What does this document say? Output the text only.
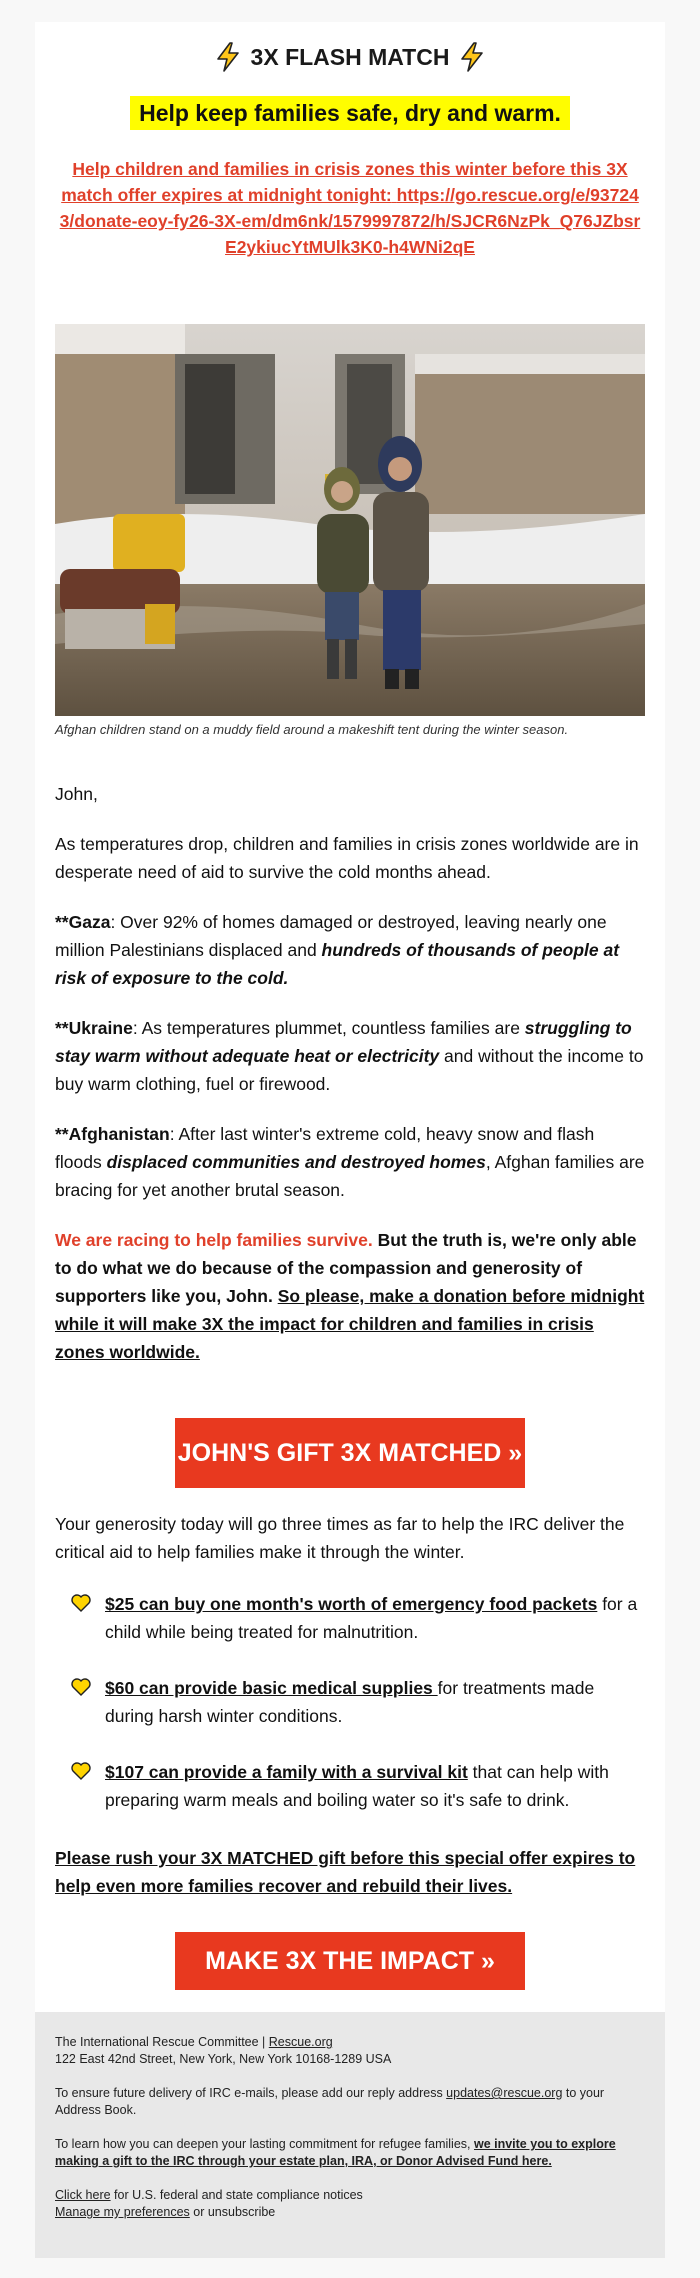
3X FLASH MATCH
Help keep families safe, dry and warm.
Help children and families in crisis zones this winter before this 3X match offer expires at midnight tonight: https://go.rescue.org/e/937243/donate-eoy-fy26-3X-em/dm6nk/1579997872/h/SJCR6NzPk_Q76JZbsrE2ykiucYtMUlk3K0-h4WNi2qE
Afghan children stand on a muddy field around a makeshift tent during the winter season.
John,
As temperatures drop, children and families in crisis zones worldwide are in desperate need of aid to survive the cold months ahead.
**Gaza: Over 92% of homes damaged or destroyed, leaving nearly one million Palestinians displaced and hundreds of thousands of people at risk of exposure to the cold.
**Ukraine: As temperatures plummet, countless families are struggling to stay warm without adequate heat or electricity and without the income to buy warm clothing, fuel or firewood.
**Afghanistan: After last winter's extreme cold, heavy snow and flash floods displaced communities and destroyed homes, Afghan families are bracing for yet another brutal season.
We are racing to help families survive. But the truth is, we're only able to do what we do because of the compassion and generosity of supporters like you, John. So please, make a donation before midnight while it will make 3X the impact for children and families in crisis zones worldwide.
JOHN'S GIFT 3X MATCHED »
Your generosity today will go three times as far to help the IRC deliver the critical aid to help families make it through the winter.
$25 can buy one month's worth of emergency food packets for a child while being treated for malnutrition.
$60 can provide basic medical supplies for treatments made during harsh winter conditions.
$107 can provide a family with a survival kit that can help with preparing warm meals and boiling water so it's safe to drink.
Please rush your 3X MATCHED gift before this special offer expires to help even more families recover and rebuild their lives.
MAKE 3X THE IMPACT »
The International Rescue Committee | Rescue.org
122 East 42nd Street, New York, New York 10168-1289 USA
To ensure future delivery of IRC e-mails, please add our reply address updates@rescue.org to your Address Book.
To learn how you can deepen your lasting commitment for refugee families, we invite you to explore making a gift to the IRC through your estate plan, IRA, or Donor Advised Fund here.
Click here for U.S. federal and state compliance notices
Manage my preferences or unsubscribe
